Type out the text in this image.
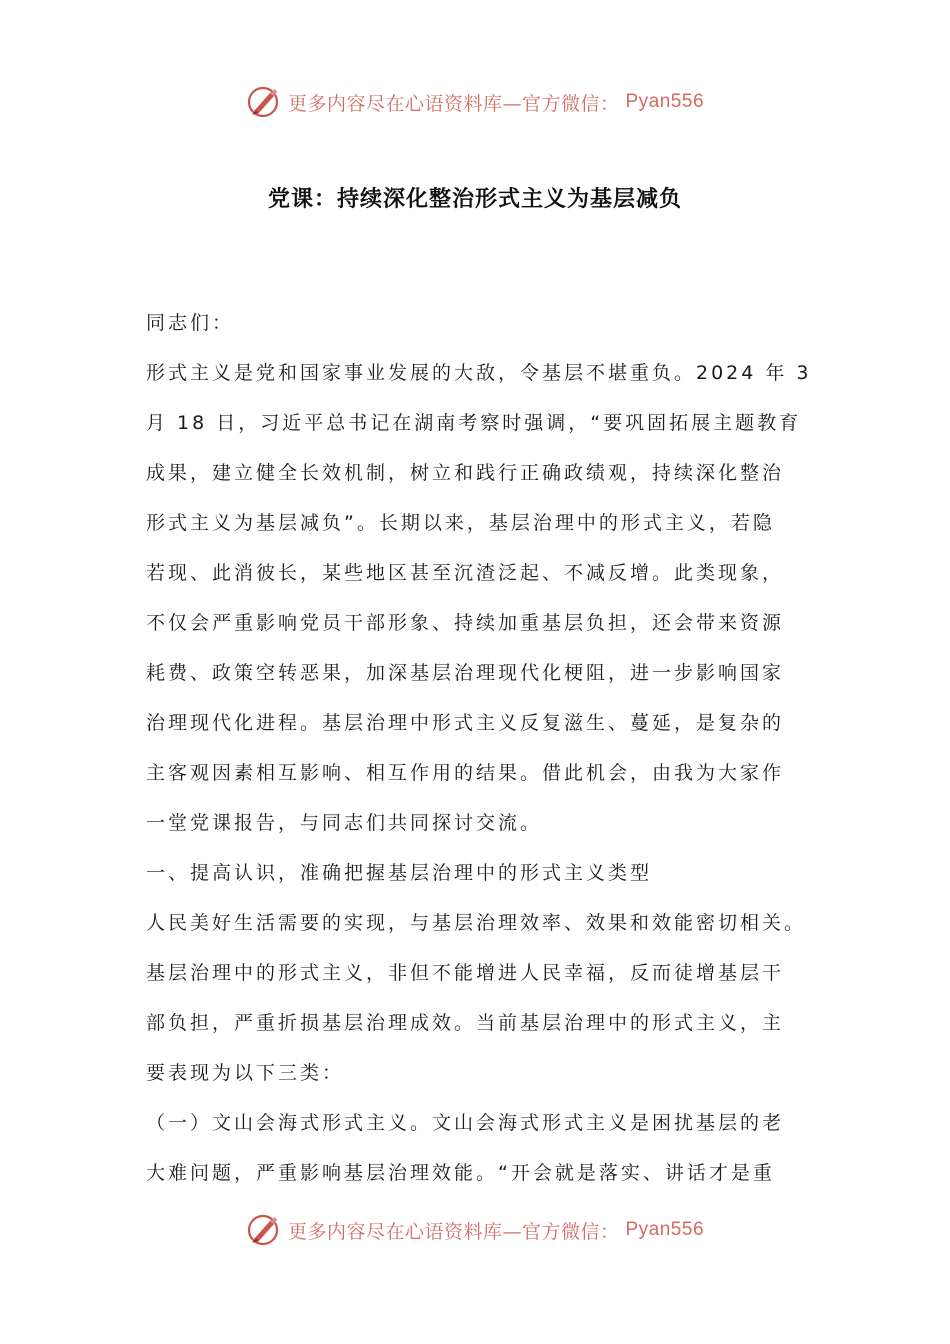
更多内容尽在心语资料库—官方微信： Pyan556
党课：持续深化整治形式主义为基层减负
同志们：
形式主义是党和国家事业发展的大敌，令基层不堪重负。2024 年 3
月 18 日，习近平总书记在湖南考察时强调，“要巩固拓展主题教育
成果，建立健全长效机制，树立和践行正确政绩观，持续深化整治
形式主义为基层减负”。长期以来，基层治理中的形式主义，若隐
若现、此消彼长，某些地区甚至沉渣泛起、不减反增。此类现象，
不仅会严重影响党员干部形象、持续加重基层负担，还会带来资源
耗费、政策空转恶果，加深基层治理现代化梗阻，进一步影响国家
治理现代化进程。基层治理中形式主义反复滋生、蔓延，是复杂的
主客观因素相互影响、相互作用的结果。借此机会，由我为大家作
一堂党课报告，与同志们共同探讨交流。
一、提高认识，准确把握基层治理中的形式主义类型
人民美好生活需要的实现，与基层治理效率、效果和效能密切相关。
基层治理中的形式主义，非但不能增进人民幸福，反而徒增基层干
部负担，严重折损基层治理成效。当前基层治理中的形式主义，主
要表现为以下三类：
（一）文山会海式形式主义。文山会海式形式主义是困扰基层的老
大难问题，严重影响基层治理效能。“开会就是落实、讲话才是重
更多内容尽在心语资料库—官方微信： Pyan556
